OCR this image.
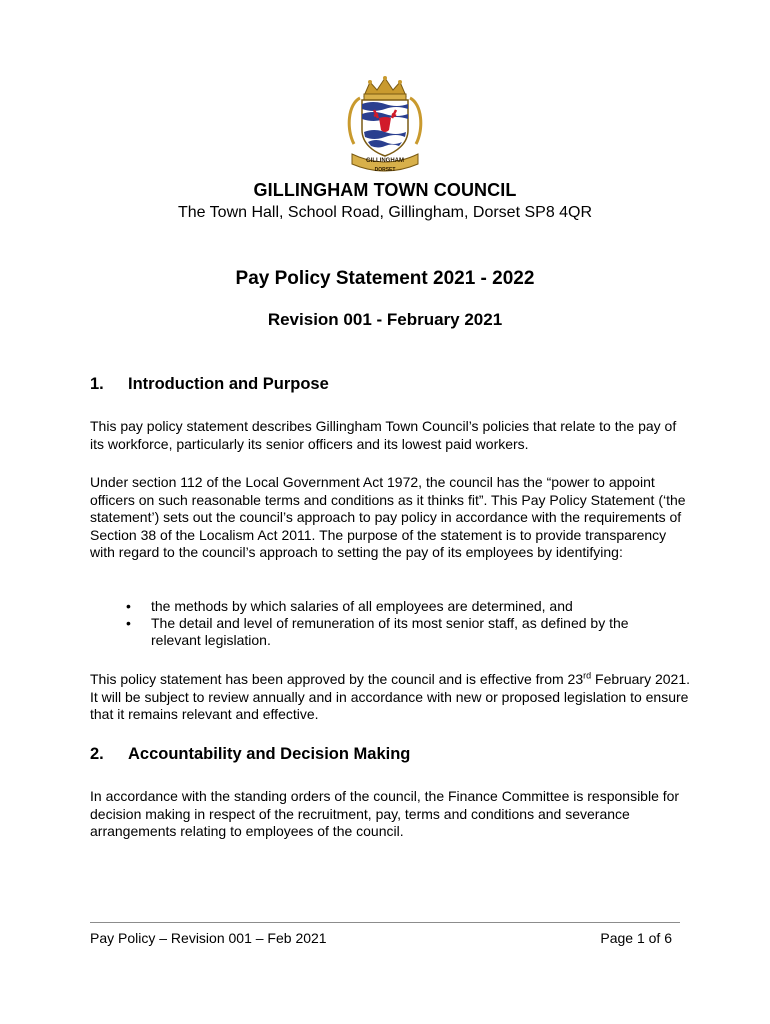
GILLINGHAM
DORSET
GILLINGHAM TOWN COUNCIL
The Town Hall, School Road, Gillingham, Dorset SP8 4QR
Pay Policy Statement 2021 - 2022
Revision 001 - February 2021
1. Introduction and Purpose
This pay policy statement describes Gillingham Town Council’s policies that relate to the pay of its workforce, particularly its senior officers and its lowest paid workers.
Under section 112 of the Local Government Act 1972, the council has the “power to appoint officers on such reasonable terms and conditions as it thinks fit”. This Pay Policy Statement (‘the statement’) sets out the council’s approach to pay policy in accordance with the requirements of Section 38 of the Localism Act 2011. The purpose of the statement is to provide transparency with regard to the council’s approach to setting the pay of its employees by identifying:
• the methods by which salaries of all employees are determined, and
• The detail and level of remuneration of its most senior staff, as defined by the relevant legislation.
This policy statement has been approved by the council and is effective from 23rd February 2021. It will be subject to review annually and in accordance with new or proposed legislation to ensure that it remains relevant and effective.
2. Accountability and Decision Making
In accordance with the standing orders of the council, the Finance Committee is responsible for decision making in respect of the recruitment, pay, terms and conditions and severance arrangements relating to employees of the council.
Pay Policy – Revision 001 – Feb 2021	Page 1 of 6
